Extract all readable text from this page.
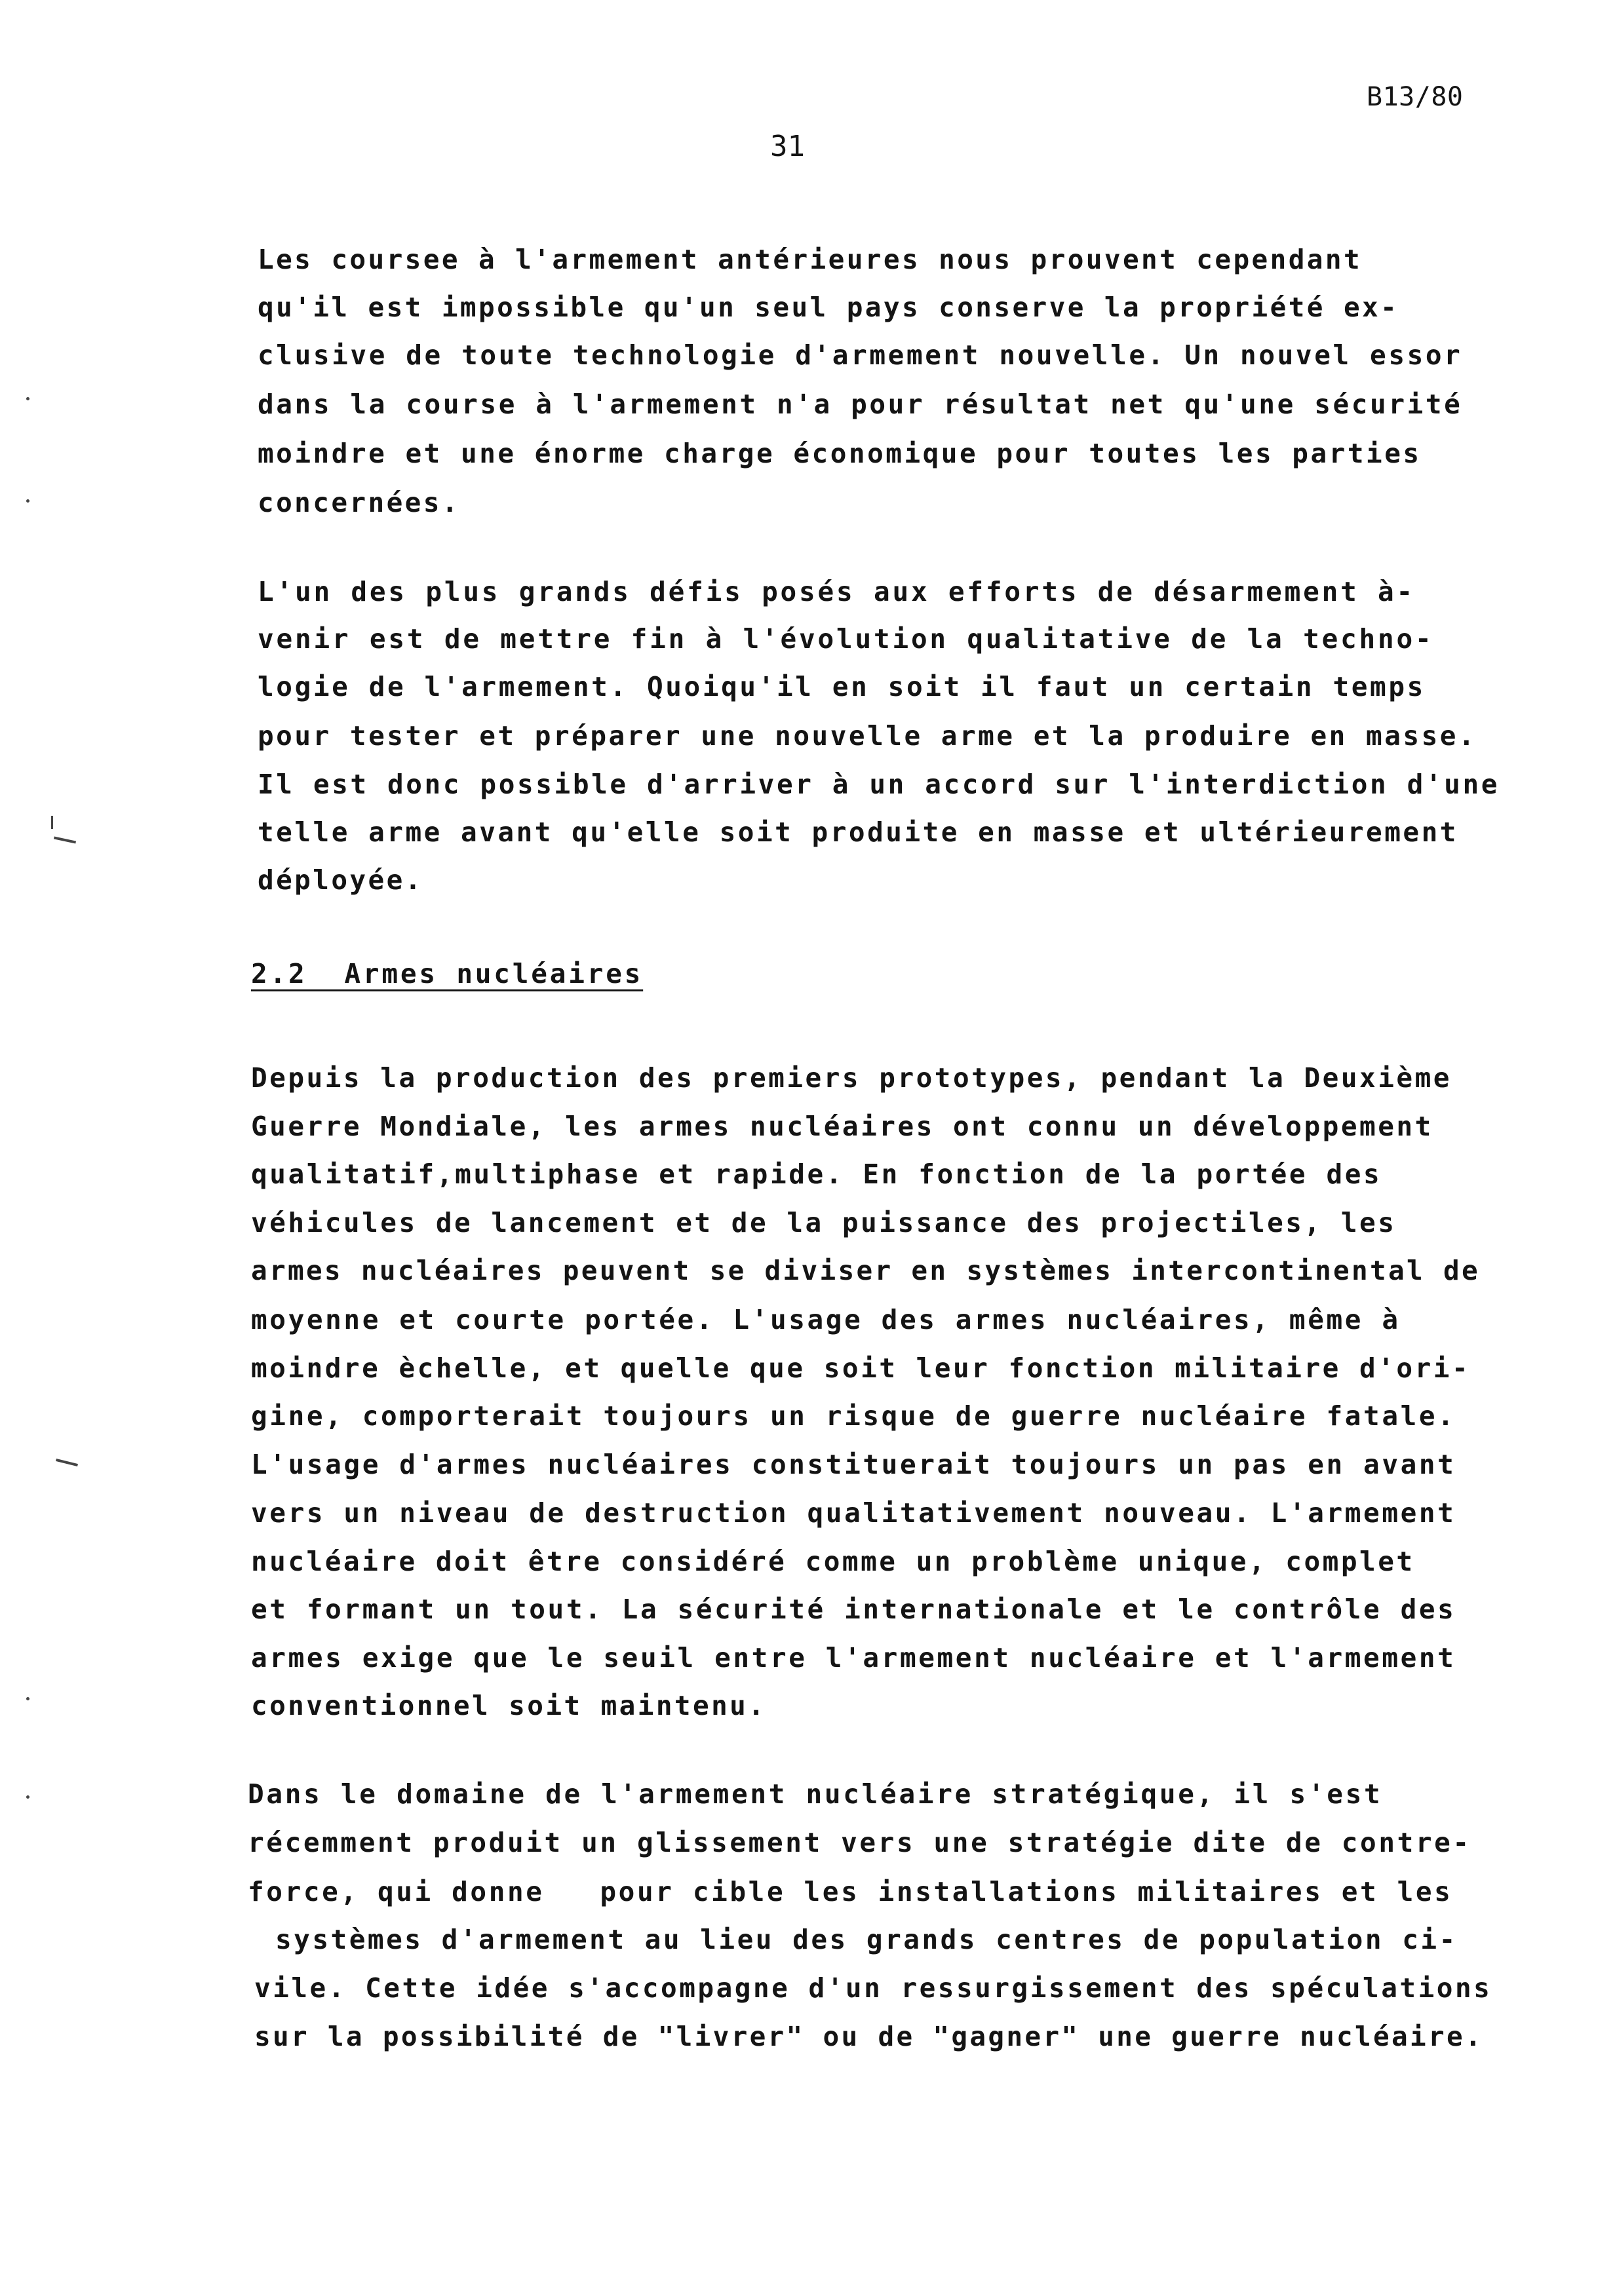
B13/80
31
Les coursee à l'armement antérieures nous prouvent cependant
qu'il est impossible qu'un seul pays conserve la propriété ex-
clusive de toute technologie d'armement nouvelle. Un nouvel essor
dans la course à l'armement n'a pour résultat net qu'une sécurité
moindre et une énorme charge économique pour toutes les parties
concernées.
L'un des plus grands défis posés aux efforts de désarmement à-
venir est de mettre fin à l'évolution qualitative de la techno-
logie de l'armement. Quoiqu'il en soit il faut un certain temps
pour tester et préparer une nouvelle arme et la produire en masse.
Il est donc possible d'arriver à un accord sur l'interdiction d'une
telle arme avant qu'elle soit produite en masse et ultérieurement
déployée.
2.2  Armes nucléaires
Depuis la production des premiers prototypes, pendant la Deuxième
Guerre Mondiale, les armes nucléaires ont connu un développement
qualitatif,multiphase et rapide. En fonction de la portée des
véhicules de lancement et de la puissance des projectiles, les
armes nucléaires peuvent se diviser en systèmes intercontinental de
moyenne et courte portée. L'usage des armes nucléaires, même à
moindre èchelle, et quelle que soit leur fonction militaire d'ori-
gine, comporterait toujours un risque de guerre nucléaire fatale.
L'usage d'armes nucléaires constituerait toujours un pas en avant
vers un niveau de destruction qualitativement nouveau. L'armement
nucléaire doit être considéré comme un problème unique, complet
et formant un tout. La sécurité internationale et le contrôle des
armes exige que le seuil entre l'armement nucléaire et l'armement
conventionnel soit maintenu.
Dans le domaine de l'armement nucléaire stratégique, il s'est
récemment produit un glissement vers une stratégie dite de contre-
force, qui donne   pour cible les installations militaires et les
systèmes d'armement au lieu des grands centres de population ci-
vile. Cette idée s'accompagne d'un ressurgissement des spéculations
sur la possibilité de "livrer" ou de "gagner" une guerre nucléaire.
